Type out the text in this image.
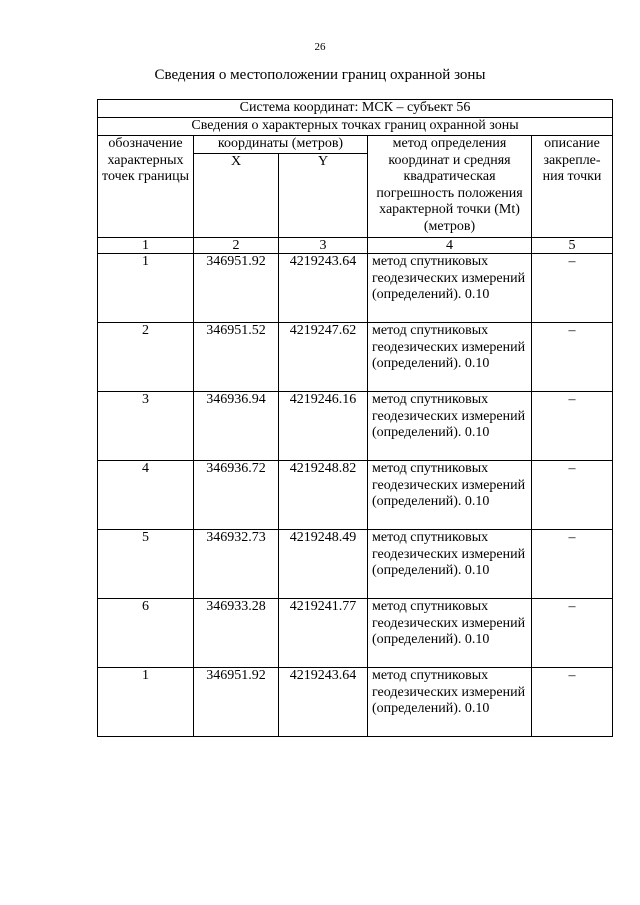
26
Сведения о местоположении границ охранной зоны
Система координат: МСК – субъект 56				
Сведения о характерных точках границ охранной зоны				
обозначение характерных точек границы	координаты (метров)		метод определения координат и средняя квадратическая погрешность положения характерной точки (Mt) (метров)	описание закрепле-ния точки
	X	Y		
1	2	3	4	5
1	346951.92	4219243.64	метод спутниковых геодезических измерений (определений). 0.10	–
2	346951.52	4219247.62	метод спутниковых геодезических измерений (определений). 0.10	–
3	346936.94	4219246.16	метод спутниковых геодезических измерений (определений). 0.10	–
4	346936.72	4219248.82	метод спутниковых геодезических измерений (определений). 0.10	–
5	346932.73	4219248.49	метод спутниковых геодезических измерений (определений). 0.10	–
6	346933.28	4219241.77	метод спутниковых геодезических измерений (определений). 0.10	–
1	346951.92	4219243.64	метод спутниковых геодезических измерений (определений). 0.10	–
